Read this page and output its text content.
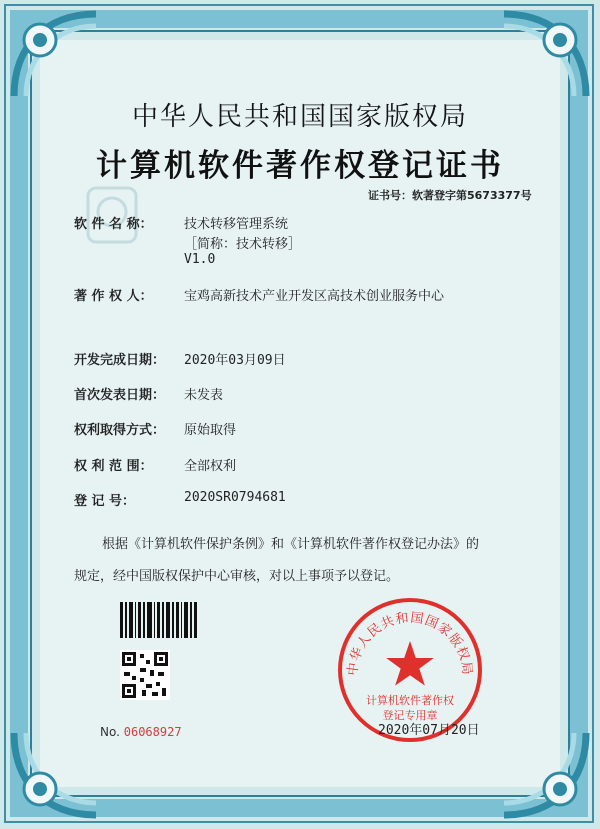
中华人民共和国国家版权局
计算机软件著作权登记证书
证书号：软著登字第5673377号
软 件 名 称： 技术转移管理系统
［简称：技术转移］
V1.0
著 作 权 人： 宝鸡高新技术产业开发区高技术创业服务中心
开发完成日期： 2020年03月09日
首次发表日期： 未发表
权利取得方式： 原始取得
权 利 范 围： 全部权利
登 记 号：	2020SR0794681
根据《计算机软件保护条例》和《计算机软件著作权登记办法》的
规定，经中国版权保护中心审核，对以上事项予以登记。
No. 06068927
中华人民共和国国家版权局
计算机软件著作权
登记专用章
2020年07月20日
